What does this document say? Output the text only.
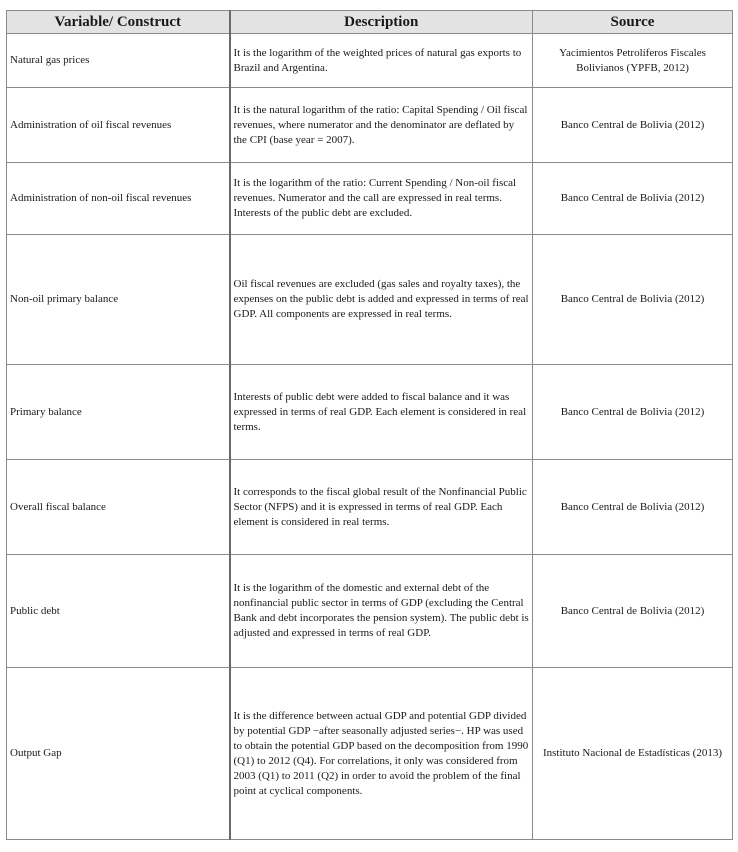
Variable/ Construct	Description	Source
Natural gas prices	It is the logarithm of the weighted prices of natural gas exports to Brazil and Argentina.	Yacimientos Petrolíferos Fiscales Bolivianos (YPFB, 2012)
Administration of oil fiscal revenues	It is the natural logarithm of the ratio: Capital Spending / Oil fiscal revenues, where numerator and the denominator are deflated by the CPI (base year = 2007).	Banco Central de Bolivia (2012)
Administration of non-oil fiscal revenues	It is the logarithm of the ratio: Current Spending / Non-oil fiscal revenues. Numerator and the call are expressed in real terms. Interests of the public debt are excluded.	Banco Central de Bolivia (2012)
Non-oil primary balance	Oil fiscal revenues are excluded (gas sales and royalty taxes), the expenses on the public debt is added and expressed in terms of real GDP. All components are expressed in real terms.	Banco Central de Bolivia (2012)
Primary balance	Interests of public debt were added to fiscal balance and it was expressed in terms of real GDP. Each element is considered in real terms.	Banco Central de Bolivia (2012)
Overall fiscal balance	It corresponds to the fiscal global result of the Nonfinancial Public Sector (NFPS) and it is expressed in terms of real GDP. Each element is considered in real terms.	Banco Central de Bolivia (2012)
Public debt	It is the logarithm of the domestic and external debt of the nonfinancial public sector in terms of GDP (excluding the Central Bank and debt incorporates the pension system). The public debt is adjusted and expressed in terms of real GDP.	Banco Central de Bolivia (2012)
Output Gap	It is the difference between actual GDP and potential GDP divided by potential GDP −after seasonally adjusted series−. HP was used to obtain the potential GDP based on the decomposition from 1990 (Q1) to 2012 (Q4). For correlations, it only was considered from 2003 (Q1) to 2011 (Q2) in order to avoid the problem of the final point at cyclical components.	Instituto Nacional de Estadísticas (2013)
